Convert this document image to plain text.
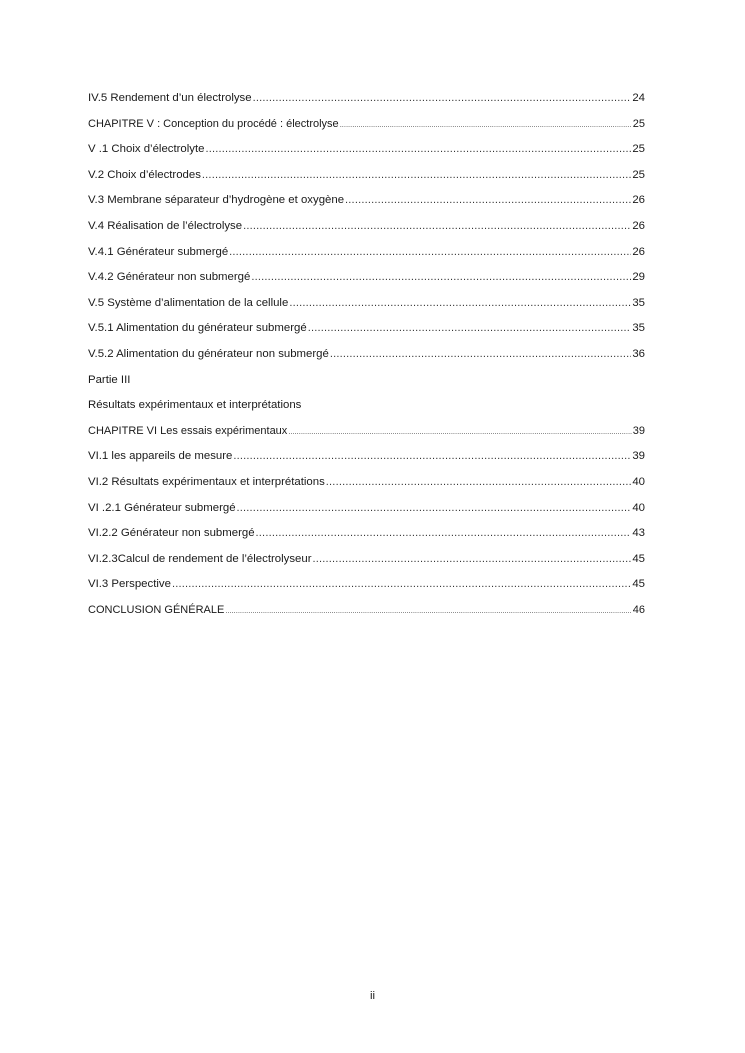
IV.5 Rendement d’un électrolyse .....	24
CHAPITRE V : Conception du procédé : électrolyse .....	25
V .1 Choix d’électrolyte .....	25
V.2 Choix d’électrodes .....	25
V.3 Membrane séparateur d’hydrogène et oxygène .....	26
V.4 Réalisation de l’électrolyse .....	26
V.4.1 Générateur submergé .....	26
V.4.2 Générateur non submergé .....	29
V.5 Système d’alimentation de la cellule .....	35
V.5.1 Alimentation du générateur submergé .....	35
V.5.2 Alimentation du générateur non submergé .....	36
Partie III
Résultats expérimentaux et interprétations
CHAPITRE VI Les essais expérimentaux .....	39
VI.1 les appareils de mesure .....	39
VI.2 Résultats expérimentaux et interprétations .....	40
VI .2.1 Générateur submergé .....	40
VI.2.2 Générateur non submergé .....	43
VI.2.3Calcul de rendement de l’électrolyseur .....	45
VI.3 Perspective .....	45
CONCLUSION GÉNÉRALE .....	46
ii
